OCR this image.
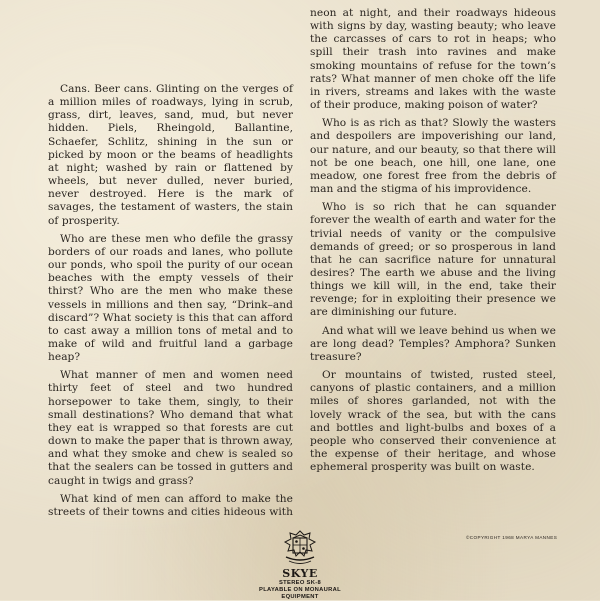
Cans. Beer cans. Glinting on the verges of a million miles of roadways, lying in scrub, grass, dirt, leaves, sand, mud, but never hidden. Piels, Rheingold, Ballantine, Schaefer, Schlitz, shining in the sun or picked by moon or the beams of headlights at night; washed by rain or flattened by wheels, but never dulled, never buried, never destroyed. Here is the mark of savages, the testament of wasters, the stain of prosperity.

Who are these men who defile the grassy borders of our roads and lanes, who pollute our ponds, who spoil the purity of our ocean beaches with the empty vessels of their thirst? Who are the men who make these vessels in millions and then say, “Drink–and discard”? What society is this that can afford to cast away a million tons of metal and to make of wild and fruitful land a garbage heap?

What manner of men and women need thirty feet of steel and two hundred horsepower to take them, singly, to their small destinations? Who demand that what they eat is wrapped so that forests are cut down to make the paper that is thrown away, and what they smoke and chew is sealed so that the sealers can be tossed in gutters and caught in twigs and grass?

What kind of men can afford to make the streets of their towns and cities hideous with

neon at night, and their roadways hideous with signs by day, wasting beauty; who leave the carcasses of cars to rot in heaps; who spill their trash into ravines and make smoking mountains of refuse for the town’s rats? What manner of men choke off the life in rivers, streams and lakes with the waste of their produce, making poison of water?

Who is as rich as that? Slowly the wasters and despoilers are impoverishing our land, our nature, and our beauty, so that there will not be one beach, one hill, one lane, one meadow, one forest free from the debris of man and the stigma of his improvidence.

Who is so rich that he can squander forever the wealth of earth and water for the trivial needs of vanity or the compulsive demands of greed; or so prosperous in land that he can sacrifice nature for unnatural desires? The earth we abuse and the living things we kill will, in the end, take their revenge; for in exploiting their presence we are diminishing our future.

And what will we leave behind us when we are long dead? Temples? Amphora? Sunken treasure?

Or mountains of twisted, rusted steel, canyons of plastic containers, and a million miles of shores garlanded, not with the lovely wrack of the sea, but with the cans and bottles and light-bulbs and boxes of a people who conserved their convenience at the expense of their heritage, and whose ephemeral prosperity was built on waste.

©COPYRIGHT 1968 MARYA MANNES
SKYE
STEREO SK-8
PLAYABLE ON MONAURAL EQUIPMENT
